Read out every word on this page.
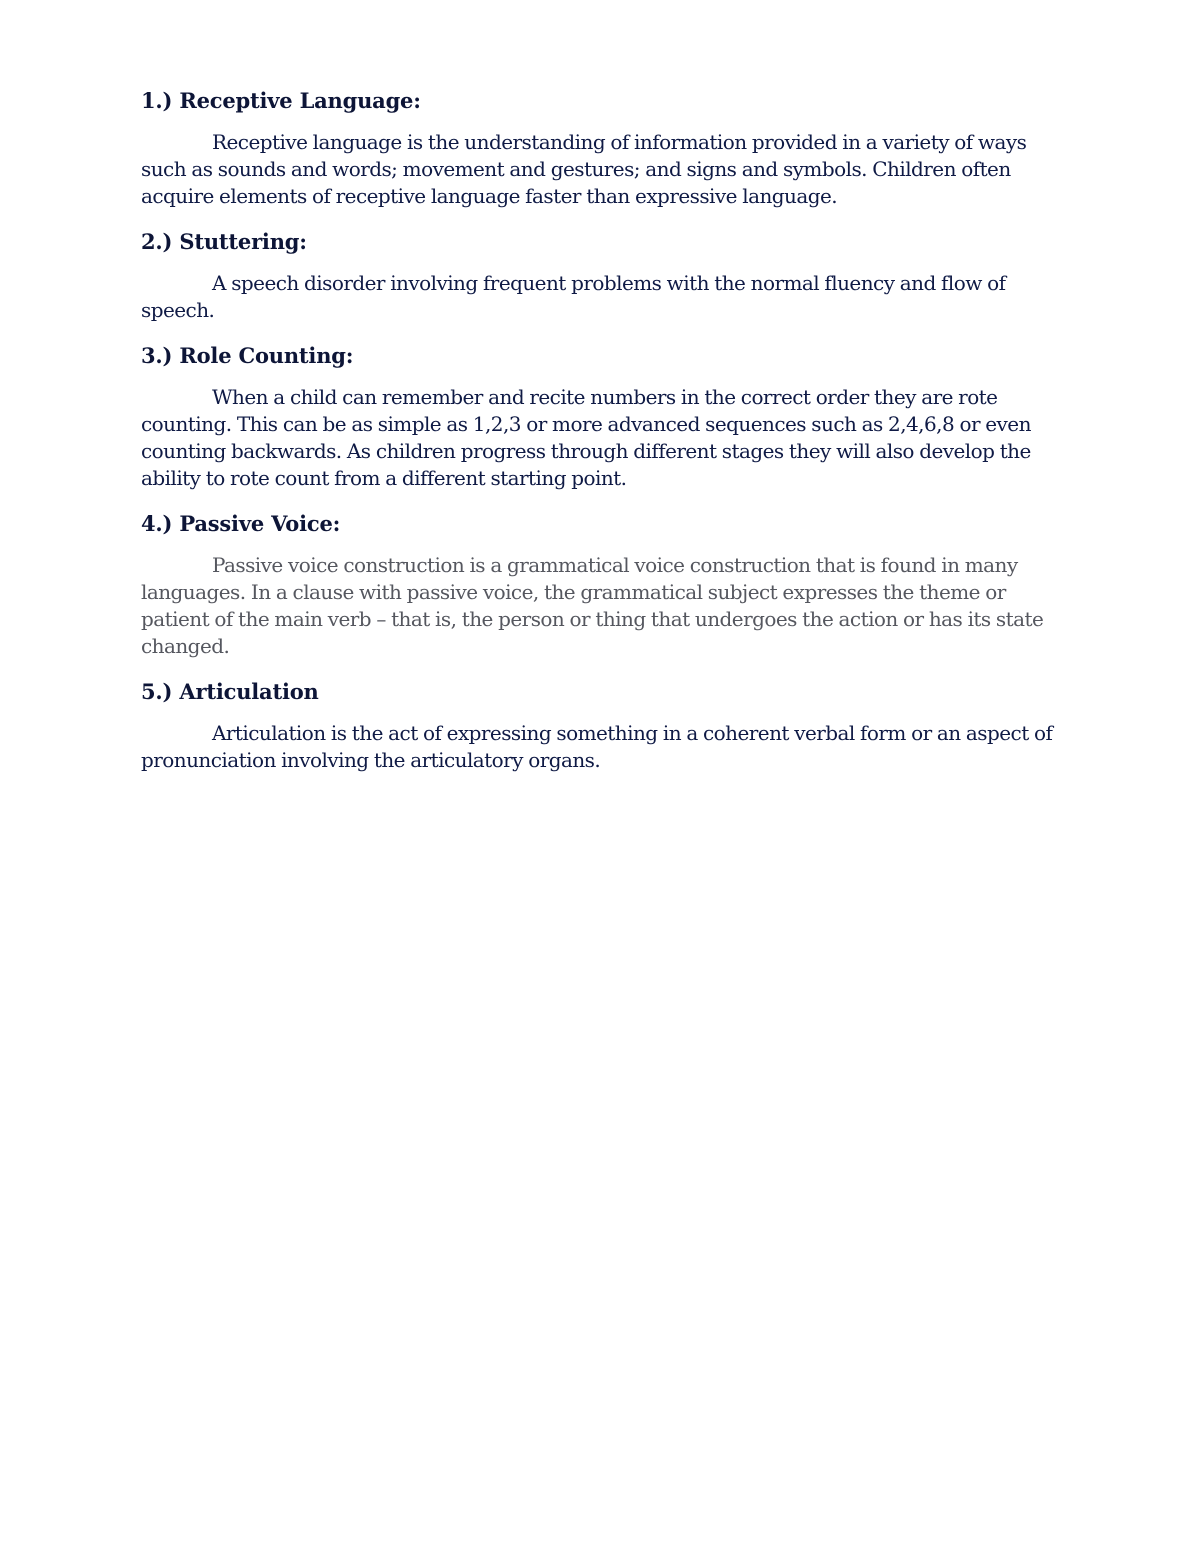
1.) Receptive Language:

Receptive language is the understanding of information provided in a variety of ways such as sounds and words; movement and gestures; and signs and symbols. Children often acquire elements of receptive language faster than expressive language.

2.) Stuttering:

A speech disorder involving frequent problems with the normal fluency and flow of speech.

3.) Role Counting:

When a child can remember and recite numbers in the correct order they are rote counting. This can be as simple as 1,2,3 or more advanced sequences such as 2,4,6,8 or even counting backwards. As children progress through different stages they will also develop the ability to rote count from a different starting point.

4.) Passive Voice:

Passive voice construction is a grammatical voice construction that is found in many languages. In a clause with passive voice, the grammatical subject expresses the theme or patient of the main verb – that is, the person or thing that undergoes the action or has its state changed.

5.) Articulation

Articulation is the act of expressing something in a coherent verbal form or an aspect of pronunciation involving the articulatory organs.
